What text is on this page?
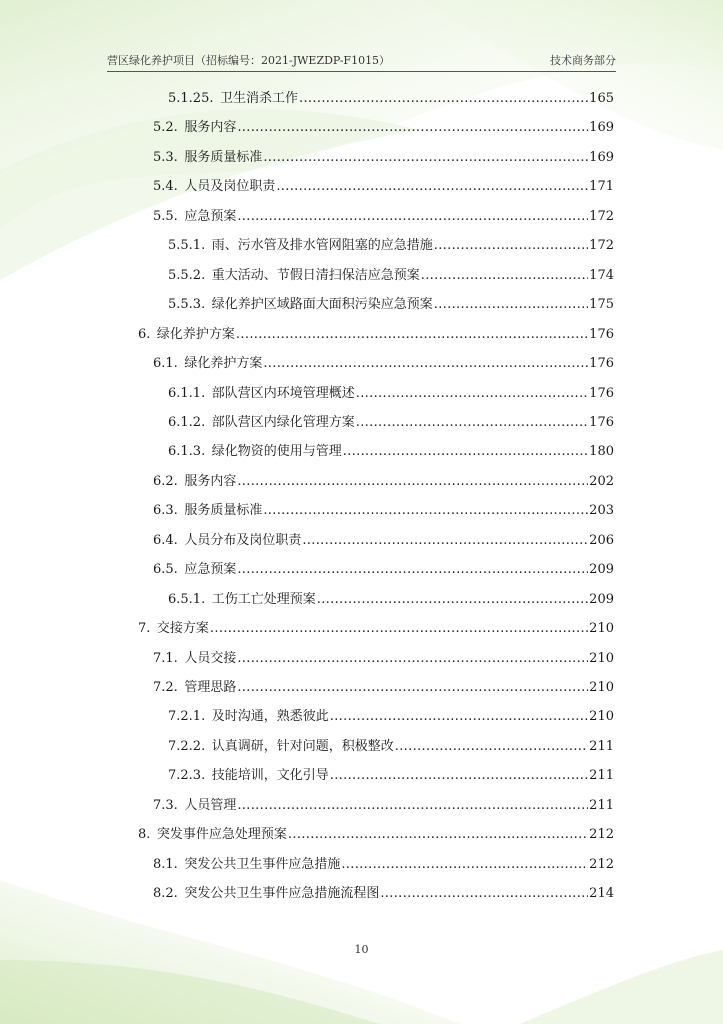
营区绿化养护项目（招标编号：2021-JWEZDP-F1015）	技术商务部分
5.1.25.  卫生消杀工作 . . .	165
5.2.  服务内容 . . .	169
5.3.  服务质量标准 . . .	169
5.4.  人员及岗位职责 . . .	171
5.5.  应急预案 . . .	172
5.5.1.  雨、污水管及排水管网阻塞的应急措施 . . .	172
5.5.2.  重大活动、节假日清扫保洁应急预案 . . .	174
5.5.3.  绿化养护区域路面大面积污染应急预案 . . .	175
6.  绿化养护方案 . . .	176
6.1.  绿化养护方案 . . .	176
6.1.1.  部队营区内环境管理概述 . . .	176
6.1.2.  部队营区内绿化管理方案 . . .	176
6.1.3.  绿化物资的使用与管理 . . .	180
6.2.  服务内容 . . .	202
6.3.  服务质量标准 . . .	203
6.4.  人员分布及岗位职责 . . .	206
6.5.  应急预案 . . .	209
6.5.1.  工伤工亡处理预案 . . .	209
7.  交接方案 . . .	210
7.1.  人员交接 . . .	210
7.2.  管理思路 . . .	210
7.2.1.  及时沟通，熟悉彼此 . . .	210
7.2.2.  认真调研，针对问题，积极整改 . . .	211
7.2.3.  技能培训，文化引导 . . .	211
7.3.  人员管理 . . .	211
8.  突发事件应急处理预案 . . .	212
8.1.  突发公共卫生事件应急措施 . . .	212
8.2.  突发公共卫生事件应急措施流程图 . . .	214
10
